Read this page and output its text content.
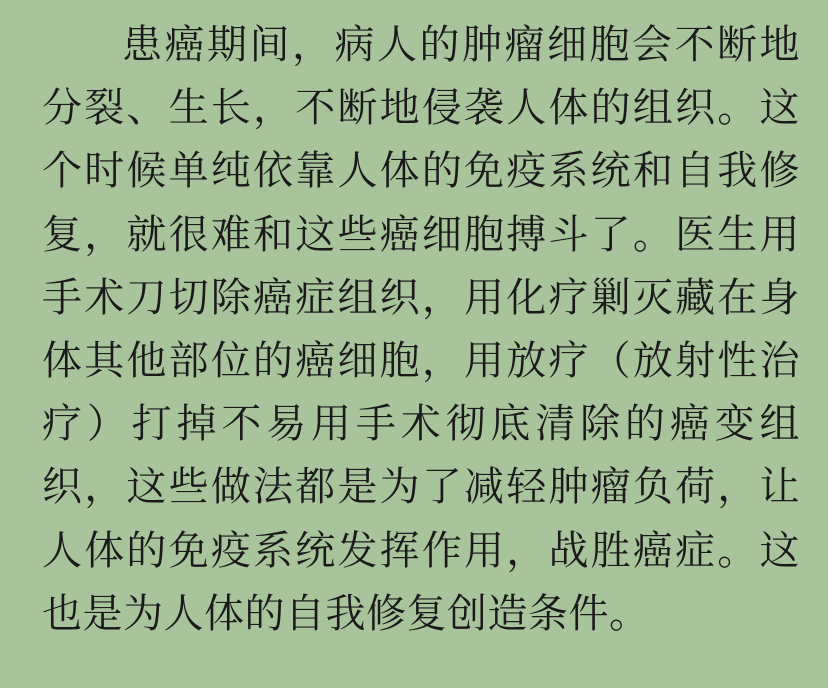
患癌期间，病人的肿瘤细胞会不断地分裂、生长，不断地侵袭人体的组织。这个时候单纯依靠人体的免疫系统和自我修复，就很难和这些癌细胞搏斗了。医生用手术刀切除癌症组织，用化疗剿灭藏在身体其他部位的癌细胞，用放疗（放射性治疗）打掉不易用手术彻底清除的癌变组织，这些做法都是为了减轻肿瘤负荷，让人体的免疫系统发挥作用，战胜癌症。这也是为人体的自我修复创造条件。
